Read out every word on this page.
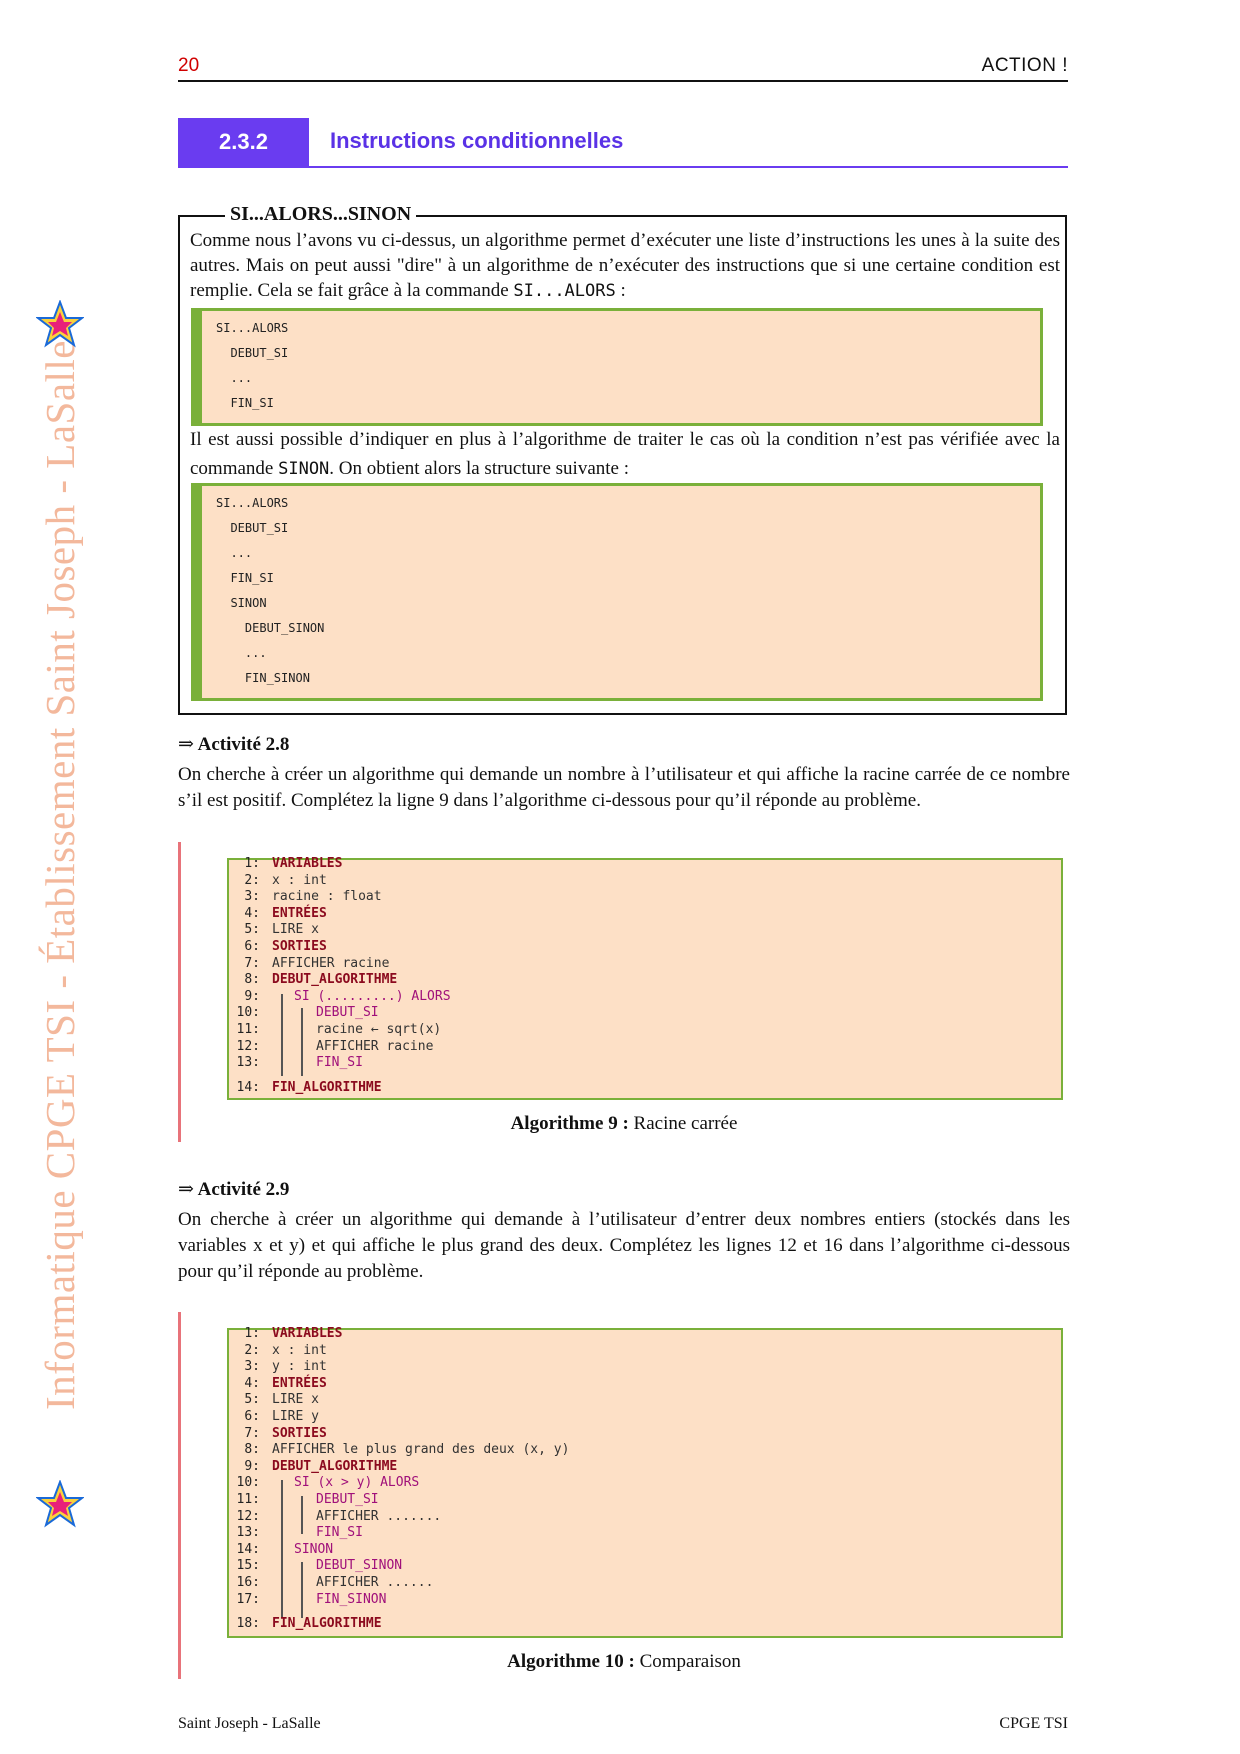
Informatique CPGE TSI - Établissement Saint Joseph - LaSalle
20	ACTION !
2.3.2	Instructions conditionnelles
SI...ALORS...SINON
Comme nous l’avons vu ci-dessus, un algorithme permet d’exécuter une liste d’instructions les unes à la suite des autres. Mais on peut aussi "dire" à un algorithme de n’exécuter des instructions que si une certaine condition est remplie. Cela se fait grâce à la commande SI...ALORS :
SI...ALORS
DEBUT_SI
...
FIN_SI
Il est aussi possible d’indiquer en plus à l’algorithme de traiter le cas où la condition n’est pas vérifiée avec la commande SINON. On obtient alors la structure suivante :
SI...ALORS
DEBUT_SI
...
FIN_SI
SINON
DEBUT_SINON
...
FIN_SINON
⇒ Activité 2.8
On cherche à créer un algorithme qui demande un nombre à l’utilisateur et qui affiche la racine carrée de ce nombre s’il est positif. Complétez la ligne 9 dans l’algorithme ci-dessous pour qu’il réponde au problème.
1: VARIABLES
2: x : int
3: racine : float
4: ENTRÉES
5: LIRE x
6: SORTIES
7: AFFICHER racine
8: DEBUT_ALGORITHME
9:	SI (.........) ALORS
10:	DEBUT_SI
11:	racine ← sqrt(x)
12:	AFFICHER racine
13:	FIN_SI
14: FIN_ALGORITHME
Algorithme 9 : Racine carrée
⇒ Activité 2.9
On cherche à créer un algorithme qui demande à l’utilisateur d’entrer deux nombres entiers (stockés dans les variables x et y) et qui affiche le plus grand des deux. Complétez les lignes 12 et 16 dans l’algorithme ci-dessous pour qu’il réponde au problème.
1: VARIABLES
2: x : int
3: y : int
4: ENTRÉES
5: LIRE x
6: LIRE y
7: SORTIES
8: AFFICHER le plus grand des deux (x, y)
9: DEBUT_ALGORITHME
10:	SI (x > y) ALORS
11:	DEBUT_SI
12:	AFFICHER .......
13:	FIN_SI
14:	SINON
15:	DEBUT_SINON
16:	AFFICHER ......
17:	FIN_SINON
18: FIN_ALGORITHME
Algorithme 10 : Comparaison
Saint Joseph - LaSalle	CPGE TSI
